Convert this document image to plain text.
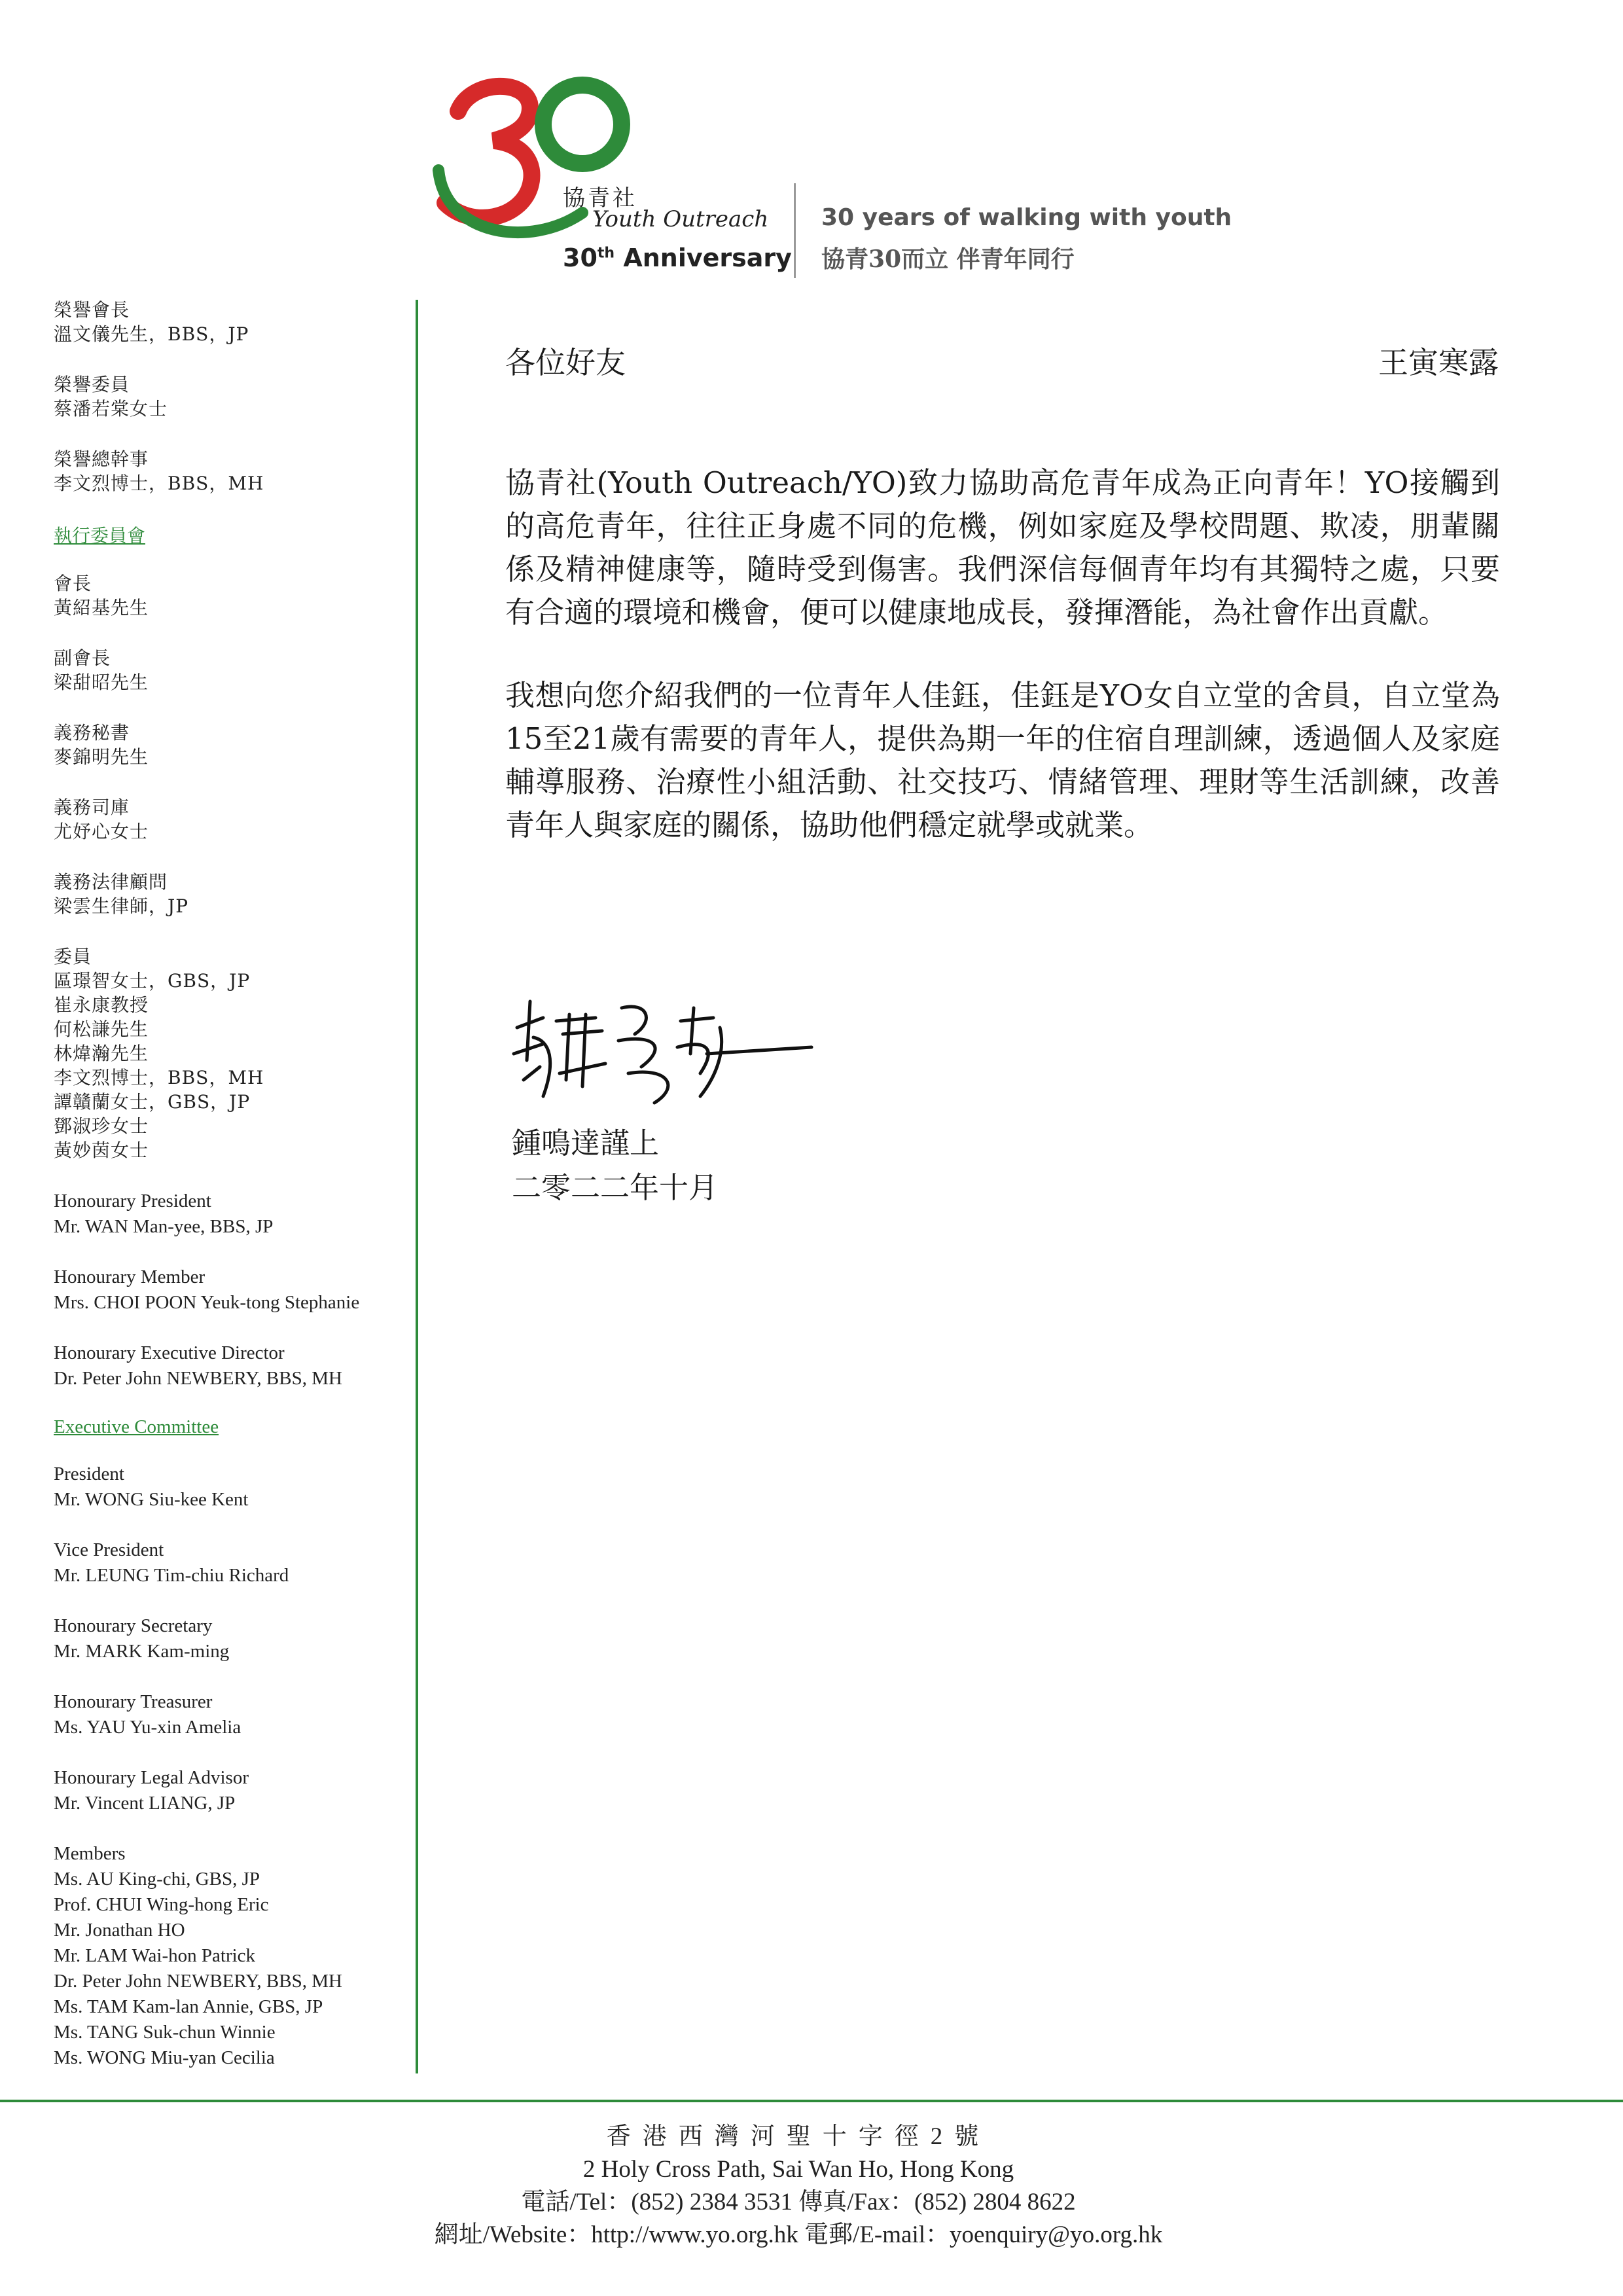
協青社
Youth Outreach
30th Anniversary
30 years of walking with youth
協青30而立 伴青年同行
榮譽會長
溫文儀先生，BBS，JP
榮譽委員
蔡潘若棠女士
榮譽總幹事
李文烈博士，BBS，MH
執行委員會
會長
黃紹基先生
副會長
梁甜昭先生
義務秘書
麥錦明先生
義務司庫
尤妤心女士
義務法律顧問
梁雲生律師，JP
委員
區璟智女士，GBS，JP
崔永康教授
何松謙先生
林煒瀚先生
李文烈博士，BBS，MH
譚贛蘭女士，GBS，JP
鄧淑珍女士
黃妙茵女士
Honourary President
Mr. WAN Man-yee, BBS, JP
Honourary Member
Mrs. CHOI POON Yeuk-tong Stephanie
Honourary Executive Director
Dr. Peter John NEWBERY, BBS, MH
Executive Committee
President
Mr. WONG Siu-kee Kent
Vice President
Mr. LEUNG Tim-chiu Richard
Honourary Secretary
Mr. MARK Kam-ming
Honourary Treasurer
Ms. YAU Yu-xin Amelia
Honourary Legal Advisor
Mr. Vincent LIANG, JP
Members
Ms. AU King-chi, GBS, JP
Prof. CHUI Wing-hong Eric
Mr. Jonathan HO
Mr. LAM Wai-hon Patrick
Dr. Peter John NEWBERY, BBS, MH
Ms. TAM Kam-lan Annie, GBS, JP
Ms. TANG Suk-chun Winnie
Ms. WONG Miu-yan Cecilia
各位好友	王寅寒露
協青社(Youth Outreach/YO)致力協助高危青年成為正向青年！YO接觸到的高危青年，往往正身處不同的危機，例如家庭及學校問題、欺凌，朋輩關係及精神健康等，隨時受到傷害。我們深信每個青年均有其獨特之處，只要有合適的環境和機會，便可以健康地成長，發揮潛能，為社會作出貢獻。
我想向您介紹我們的一位青年人佳鈺，佳鈺是YO女自立堂的舍員，自立堂為15至21歲有需要的青年人，提供為期一年的住宿自理訓練，透過個人及家庭輔導服務、治療性小組活動、社交技巧、情緒管理、理財等生活訓練，改善青年人與家庭的關係，協助他們穩定就學或就業。
鍾鳴達謹上
二零二二年十月
香港西灣河聖十字徑2號
2 Holy Cross Path, Sai Wan Ho, Hong Kong
電話/Tel：(852) 2384 3531 傳真/Fax：(852) 2804 8622
網址/Website：http://www.yo.org.hk 電郵/E-mail：yoenquiry@yo.org.hk
